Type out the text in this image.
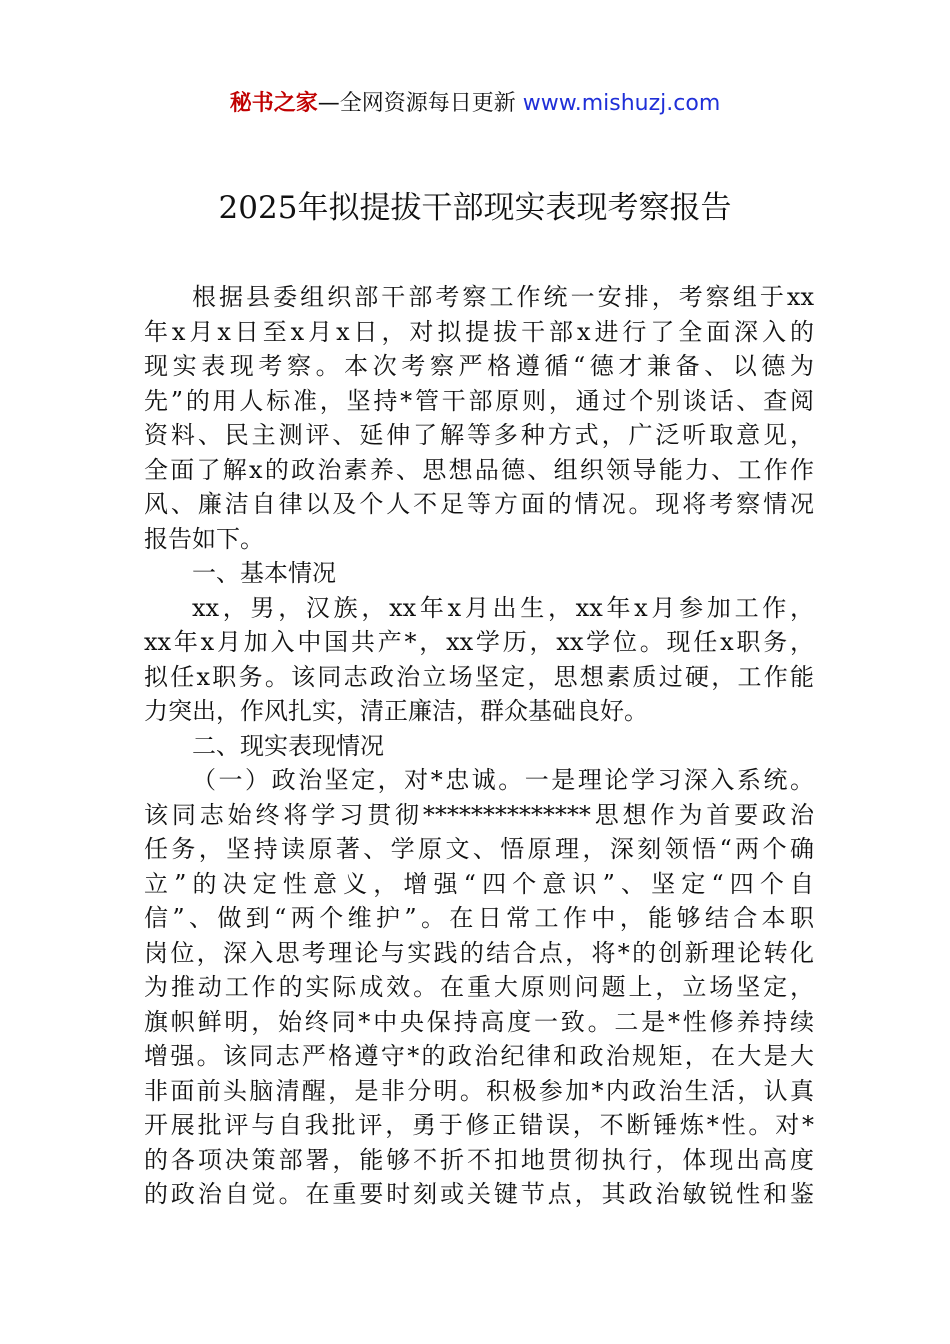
秘书之家—全网资源每日更新 www.mishuzj.com
2025年拟提拔干部现实表现考察报告
根据县委组织部干部考察工作统一安排，考察组于xx
年x月x日至x月x日，对拟提拔干部x进行了全面深入的
现实表现考察。本次考察严格遵循“德才兼备、以德为
先”的用人标准，坚持*管干部原则，通过个别谈话、查阅
资料、民主测评、延伸了解等多种方式，广泛听取意见，
全面了解x的政治素养、思想品德、组织领导能力、工作作
风、廉洁自律以及个人不足等方面的情况。现将考察情况
报告如下。
一、基本情况
xx，男，汉族，xx年x月出生，xx年x月参加工作，
xx年x月加入中国共产*，xx学历，xx学位。现任x职务，
拟任x职务。该同志政治立场坚定，思想素质过硬，工作能
力突出，作风扎实，清正廉洁，群众基础良好。
二、现实表现情况
（一）政治坚定，对*忠诚。一是理论学习深入系统。
该同志始终将学习贯彻**************思想作为首要政治
任务，坚持读原著、学原文、悟原理，深刻领悟“两个确
立”的决定性意义，增强“四个意识”、坚定“四个自
信”、做到“两个维护”。在日常工作中，能够结合本职
岗位，深入思考理论与实践的结合点，将*的创新理论转化
为推动工作的实际成效。在重大原则问题上，立场坚定，
旗帜鲜明，始终同*中央保持高度一致。二是*性修养持续
增强。该同志严格遵守*的政治纪律和政治规矩，在大是大
非面前头脑清醒，是非分明。积极参加*内政治生活，认真
开展批评与自我批评，勇于修正错误，不断锤炼*性。对*
的各项决策部署，能够不折不扣地贯彻执行，体现出高度
的政治自觉。在重要时刻或关键节点，其政治敏锐性和鉴
